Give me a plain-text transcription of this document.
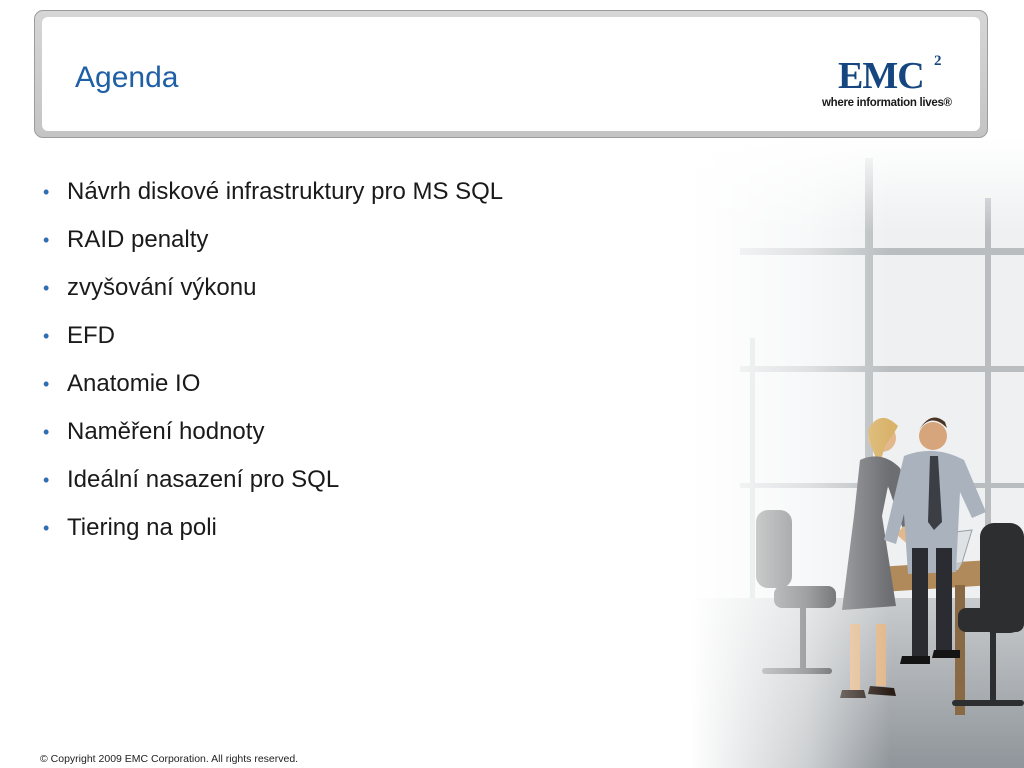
Agenda	EMC 2
where information lives®
• Návrh diskové infrastruktury pro MS SQL
• RAID penalty
• zvyšování výkonu
• EFD
• Anatomie IO
• Naměření hodnoty
• Ideální nasazení pro SQL
• Tiering na poli
© Copyright 2009 EMC Corporation. All rights reserved.
